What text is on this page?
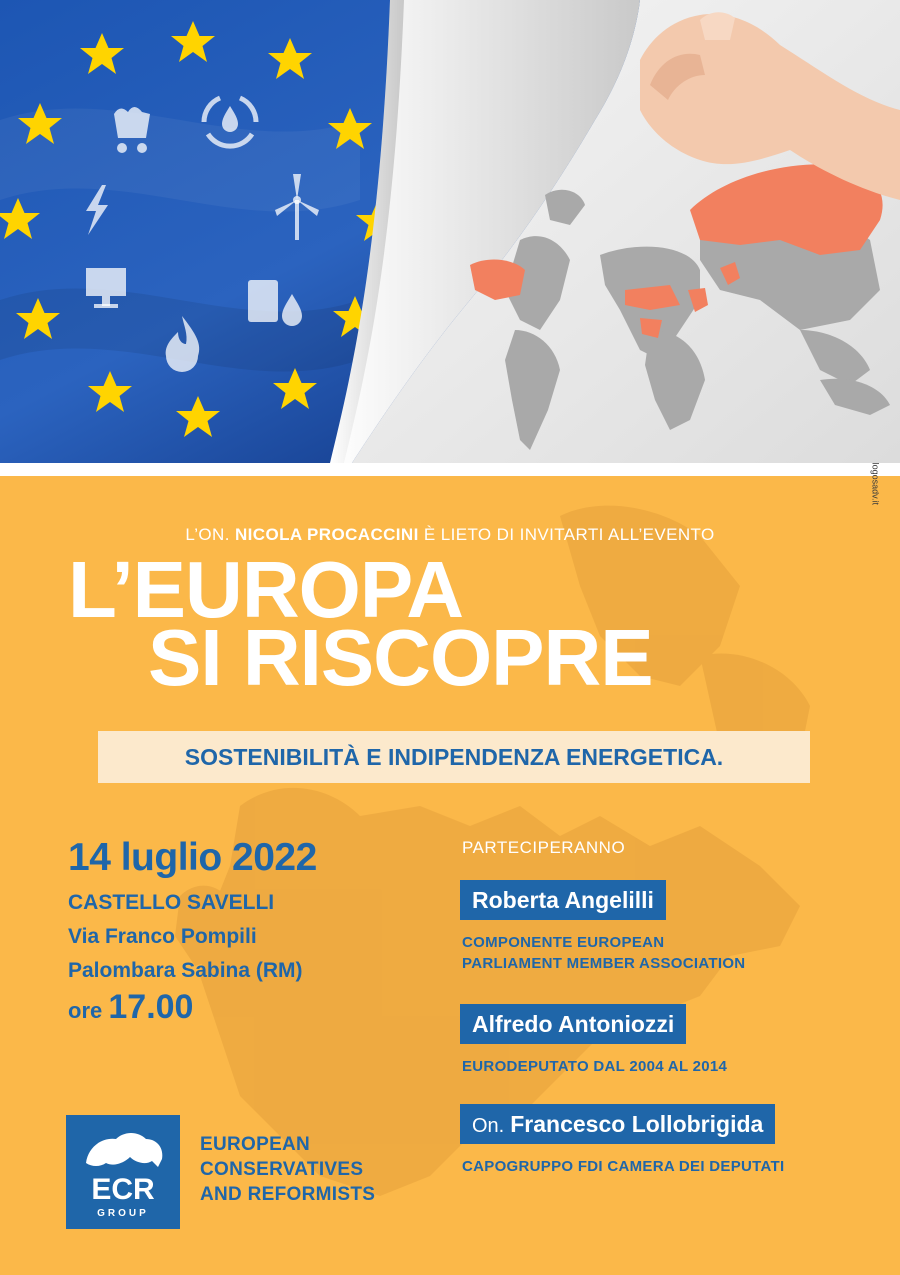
logosadv.it
L’ON. NICOLA PROCACCINI È LIETO DI INVITARTI ALL’EVENTO
L’EUROPA
SI RISCOPRE
SOSTENIBILITÀ E INDIPENDENZA ENERGETICA.
14 luglio 2022
CASTELLO SAVELLI
Via Franco Pompili
Palombara Sabina (RM)
ore 17.00
PARTECIPERANNO
Roberta Angelilli
COMPONENTE EUROPEAN
PARLIAMENT MEMBER ASSOCIATION
Alfredo Antoniozzi
EURODEPUTATO DAL 2004 AL 2014
On. Francesco Lollobrigida
CAPOGRUPPO FDI CAMERA DEI DEPUTATI
ECR
GROUP
EUROPEAN
CONSERVATIVES
AND REFORMISTS
